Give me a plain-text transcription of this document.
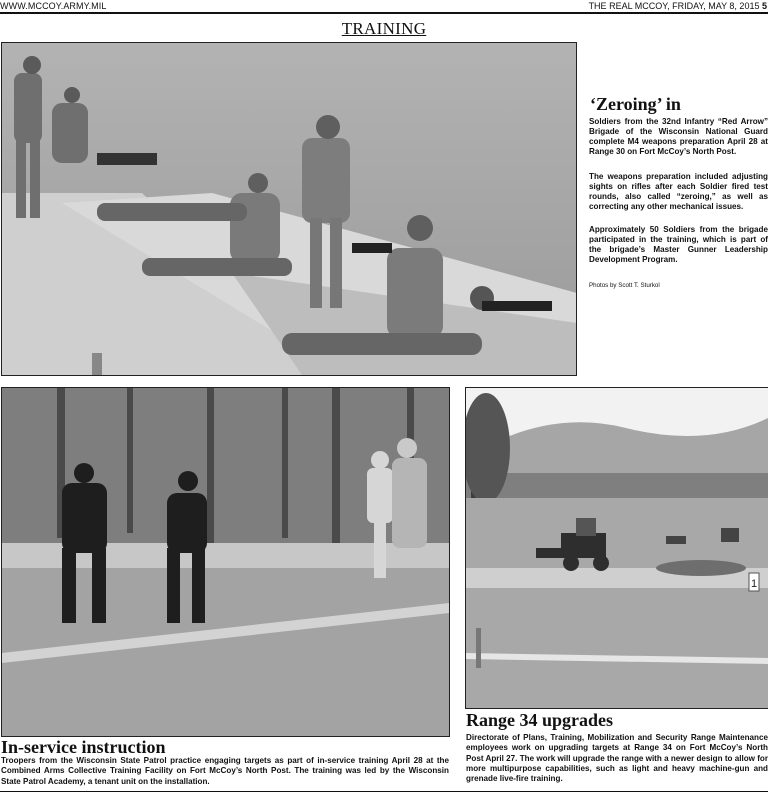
WWW.MCCOY.ARMY.MIL	THE REAL MCCOY, FRIDAY, MAY 8, 2015 5
TRAINING
‘Zeroing’ in
Soldiers from the 32nd Infantry “Red Arrow” Brigade of the Wisconsin National Guard complete M4 weapons preparation April 28 at Range 30 on Fort McCoy’s North Post.
The weapons preparation included adjusting sights on rifles after each Soldier fired test rounds, also called “zeroing,” as well as correcting any other mechanical issues.
Approximately 50 Soldiers from the brigade participated in the training, which is part of the brigade’s Master Gunner Leadership Development Program.
Photos by Scott T. Sturkol
1
In-service instruction
Troopers from the Wisconsin State Patrol practice engaging targets as part of in-service training April 28 at the Combined Arms Collective Training Facility on Fort McCoy’s North Post. The training was led by the Wisconsin State Patrol Academy, a tenant unit on the installation.
Range 34 upgrades
Directorate of Plans, Training, Mobilization and Security Range Maintenance employees work on upgrading targets at Range 34 on Fort McCoy’s North Post April 27. The work will upgrade the range with a newer design to allow for more multipurpose capabilities, such as light and heavy machine-gun and grenade live-fire training.
